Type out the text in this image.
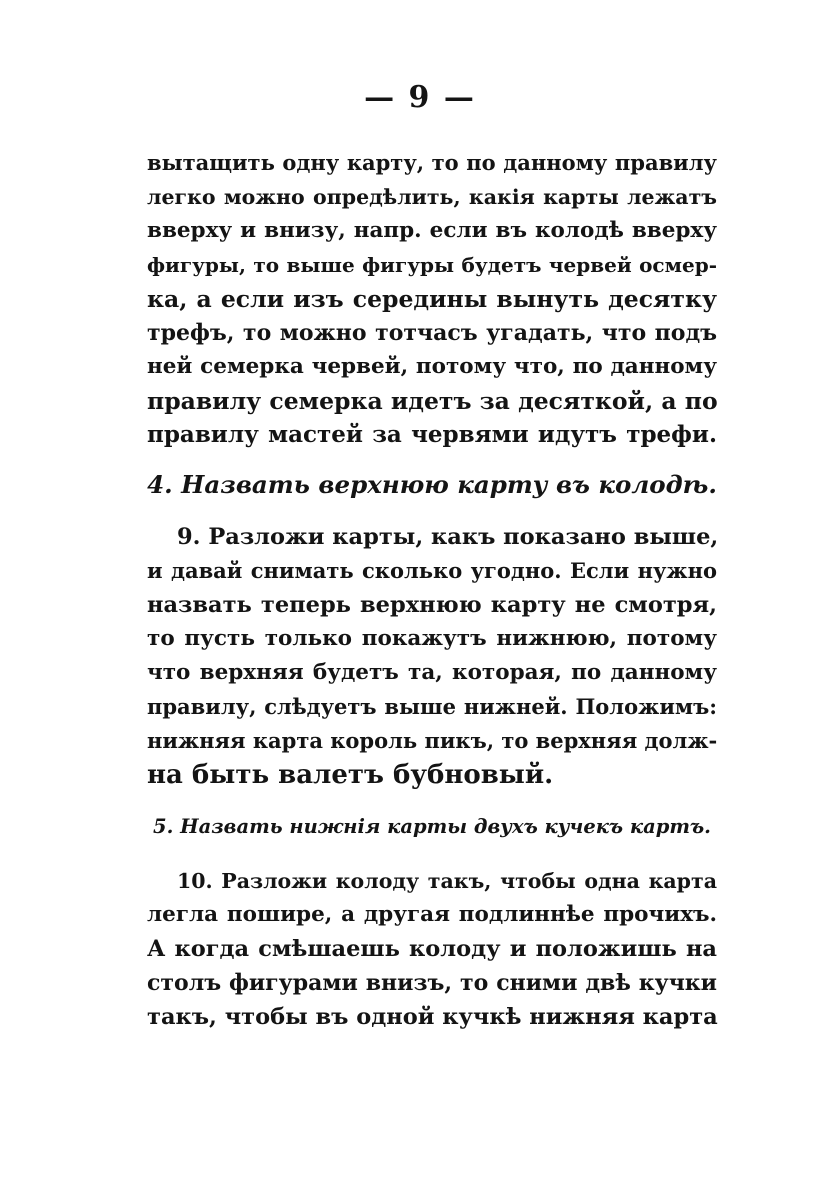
— 9 —
вытащить одну карту, то по данному правилу
легко можно опредѣлить, какія карты лежатъ
вверху и внизу, напр. если въ колодѣ вверху
фигуры, то выше фигуры будетъ червей осмер-
ка, а если изъ середины вынуть десятку
трефъ, то можно тотчасъ угадать, что подъ
ней семерка червей, потому что, по данному
правилу семерка идетъ за десяткой, а по
правилу мастей за червями идутъ трефи.
4. Назвать верхнюю карту въ колодѣ.
9. Разложи карты, какъ показано выше,
и давай снимать сколько угодно. Если нужно
назвать теперь верхнюю карту не смотря,
то пусть только покажутъ нижнюю, потому
что верхняя будетъ та, которая, по данному
правилу, слѣдуетъ выше нижней. Положимъ:
нижняя карта король пикъ, то верхняя долж-
на быть валетъ бубновый.
5. Назвать нижнія карты двухъ кучекъ картъ.
10. Разложи колоду такъ, чтобы одна карта
легла пошире, а другая подлиннѣе прочихъ.
А когда смѣшаешь колоду и положишь на
столъ фигурами внизъ, то сними двѣ кучки
такъ, чтобы въ одной кучкѣ нижняя карта
